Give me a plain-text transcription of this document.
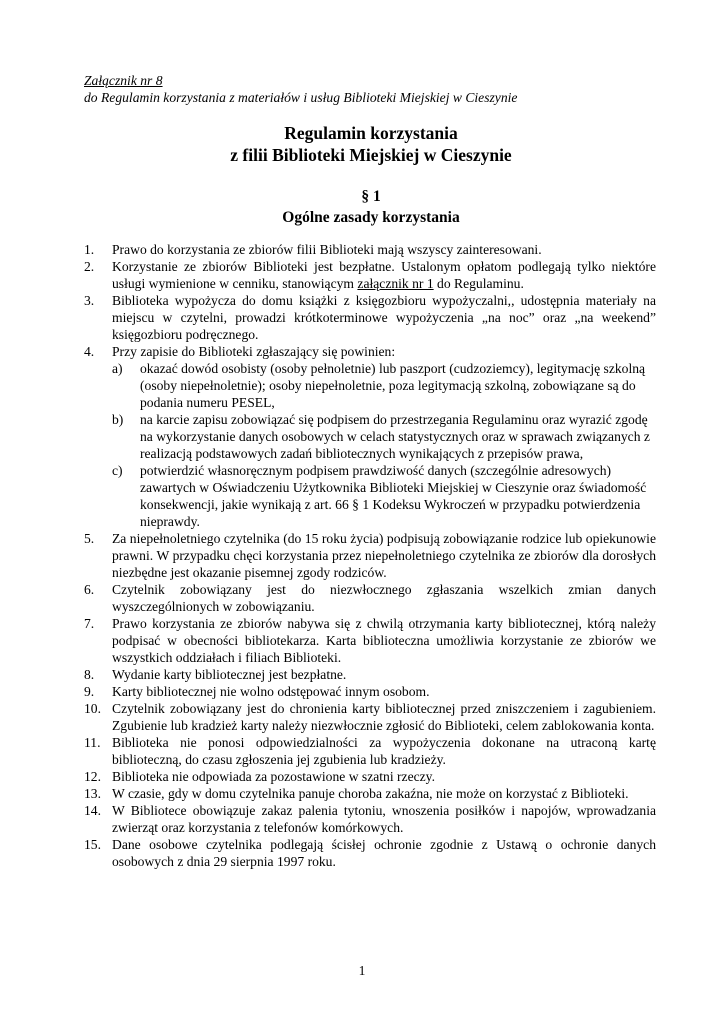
Załącznik nr 8
do Regulamin korzystania z materiałów i usług Biblioteki Miejskiej w Cieszynie
Regulamin korzystania
z filii Biblioteki Miejskiej w Cieszynie
§ 1
Ogólne zasady korzystania
1. Prawo do korzystania ze zbiorów filii Biblioteki mają wszyscy zainteresowani.
2. Korzystanie ze zbiorów Biblioteki jest bezpłatne. Ustalonym opłatom podlegają tylko niektóre usługi wymienione w cenniku, stanowiącym załącznik nr 1 do Regulaminu.
3. Biblioteka wypożycza do domu książki z księgozbioru wypożyczalni,, udostępnia materiały na miejscu w czytelni, prowadzi krótkoterminowe wypożyczenia „na noc” oraz „na weekend” księgozbioru podręcznego.
4. Przy zapisie do Biblioteki zgłaszający się powinien:
a) okazać dowód osobisty (osoby pełnoletnie) lub paszport (cudzoziemcy), legitymację szkolną (osoby niepełnoletnie); osoby niepełnoletnie, poza legitymacją szkolną, zobowiązane są do podania numeru PESEL,
b) na karcie zapisu zobowiązać się podpisem do przestrzegania Regulaminu oraz wyrazić zgodę na wykorzystanie danych osobowych w celach statystycznych oraz w sprawach związanych z realizacją podstawowych zadań bibliotecznych wynikających z przepisów prawa,
c) potwierdzić własnoręcznym podpisem prawdziwość danych (szczególnie adresowych) zawartych w Oświadczeniu Użytkownika Biblioteki Miejskiej w Cieszynie oraz świadomość konsekwencji, jakie wynikają z art. 66 § 1 Kodeksu Wykroczeń w przypadku potwierdzenia nieprawdy.
5. Za niepełnoletniego czytelnika (do 15 roku życia) podpisują zobowiązanie rodzice lub opiekunowie prawni. W przypadku chęci korzystania przez niepełnoletniego czytelnika ze zbiorów dla dorosłych niezbędne jest okazanie pisemnej zgody rodziców.
6. Czytelnik zobowiązany jest do niezwłocznego zgłaszania wszelkich zmian danych wyszczególnionych w zobowiązaniu.
7. Prawo korzystania ze zbiorów nabywa się z chwilą otrzymania karty bibliotecznej, którą należy podpisać w obecności bibliotekarza. Karta biblioteczna umożliwia korzystanie ze zbiorów we wszystkich oddziałach i filiach Biblioteki.
8. Wydanie karty bibliotecznej jest bezpłatne.
9. Karty bibliotecznej nie wolno odstępować innym osobom.
10. Czytelnik zobowiązany jest do chronienia karty bibliotecznej przed zniszczeniem i zagubieniem. Zgubienie lub kradzież karty należy niezwłocznie zgłosić do Biblioteki, celem zablokowania konta.
11. Biblioteka nie ponosi odpowiedzialności za wypożyczenia dokonane na utraconą kartę biblioteczną, do czasu zgłoszenia jej zgubienia lub kradzieży.
12. Biblioteka nie odpowiada za pozostawione w szatni rzeczy.
13. W czasie, gdy w domu czytelnika panuje choroba zakaźna, nie może on korzystać z Biblioteki.
14. W Bibliotece obowiązuje zakaz palenia tytoniu, wnoszenia posiłków i napojów, wprowadzania zwierząt oraz korzystania z telefonów komórkowych.
15. Dane osobowe czytelnika podlegają ścisłej ochronie zgodnie z Ustawą o ochronie danych osobowych z dnia 29 sierpnia 1997 roku.
1
